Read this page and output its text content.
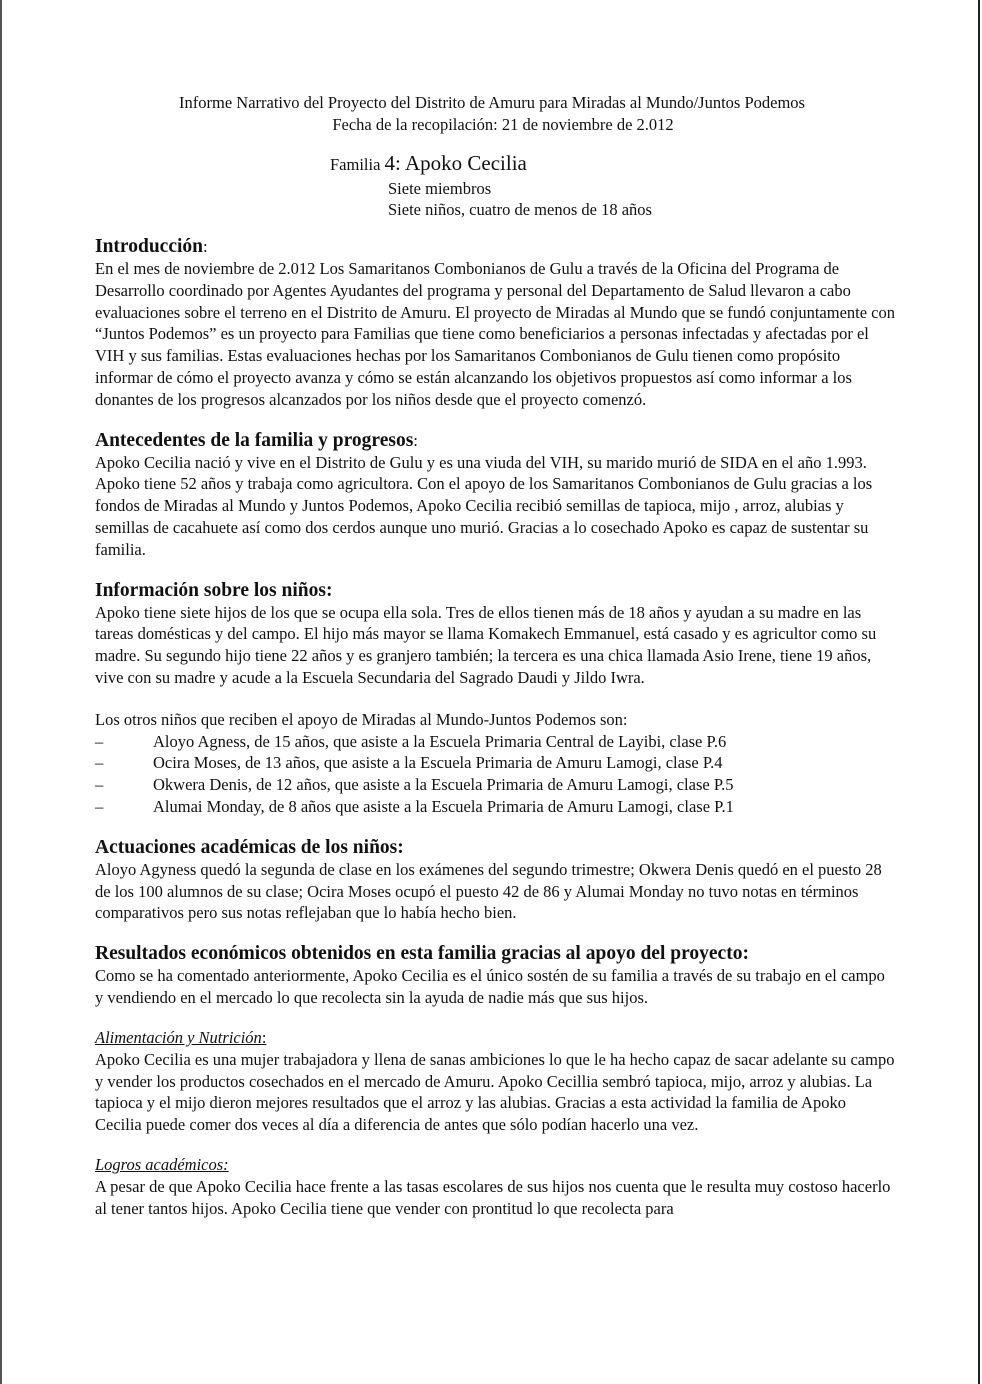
Informe Narrativo del Proyecto del Distrito de Amuru para Miradas al Mundo/Juntos Podemos
Fecha de la recopilación: 21 de noviembre de 2.012
Familia 4: Apoko Cecilia
Siete miembros
Siete niños, cuatro de menos de 18 años
Introducción:
En el mes de noviembre de 2.012 Los Samaritanos Combonianos de Gulu a través de la Oficina del Programa de Desarrollo coordinado por Agentes Ayudantes del programa y personal del Departamento de Salud llevaron a cabo evaluaciones sobre el terreno en el Distrito de Amuru. El proyecto de Miradas al Mundo que se fundó conjuntamente con “Juntos Podemos” es un proyecto para Familias que tiene como beneficiarios a personas infectadas y afectadas por el VIH y sus familias. Estas evaluaciones hechas por los Samaritanos Combonianos de Gulu tienen como propósito informar de cómo el proyecto avanza y cómo se están alcanzando los objetivos propuestos así como informar a los donantes de los progresos alcanzados por los niños desde que el proyecto comenzó.
Antecedentes de la familia y progresos:
Apoko Cecilia nació y vive en el Distrito de Gulu y es una viuda del VIH, su marido murió de SIDA en el año 1.993. Apoko tiene 52 años y trabaja como agricultora. Con el apoyo de los Samaritanos Combonianos de Gulu gracias a los fondos de Miradas al Mundo y Juntos Podemos, Apoko Cecilia recibió semillas de tapioca, mijo , arroz, alubias y semillas de cacahuete así como dos cerdos aunque uno murió. Gracias a lo cosechado Apoko es capaz de sustentar su familia.
Información sobre los niños:
Apoko tiene siete hijos de los que se ocupa ella sola. Tres de ellos tienen más de 18 años y ayudan a su madre en las tareas domésticas y del campo. El hijo más mayor se llama Komakech Emmanuel, está casado y es agricultor como su madre. Su segundo hijo tiene 22 años y es granjero también; la tercera es una chica llamada Asio Irene, tiene 19 años, vive con su madre y acude a la Escuela Secundaria del Sagrado Daudi y Jildo Iwra.
Los otros niños que reciben el apoyo de Miradas al Mundo-Juntos Podemos son:
–	Aloyo Agness, de 15 años, que asiste a la Escuela Primaria Central de Layibi, clase P.6
–	Ocira Moses, de 13 años, que asiste a la Escuela Primaria de Amuru Lamogi, clase P.4
–	Okwera Denis, de 12 años, que asiste a la Escuela Primaria de Amuru Lamogi, clase P.5
–	Alumai Monday, de 8 años que asiste a la Escuela Primaria de Amuru Lamogi, clase P.1
Actuaciones académicas de los niños:
Aloyo Agyness quedó la segunda de clase en los exámenes del segundo trimestre; Okwera Denis quedó en el puesto 28 de los 100 alumnos de su clase; Ocira Moses ocupó el puesto 42 de 86 y Alumai Monday no tuvo notas en términos comparativos pero sus notas reflejaban que lo había hecho bien.
Resultados económicos obtenidos en esta familia gracias al apoyo del proyecto:
Como se ha comentado anteriormente, Apoko Cecilia es el único sostén de su familia a través de su trabajo en el campo y vendiendo en el mercado lo que recolecta sin la ayuda de nadie más que sus hijos.
Alimentación y Nutrición:
Apoko Cecilia es una mujer trabajadora y llena de sanas ambiciones lo que le ha hecho capaz de sacar adelante su campo y vender los productos cosechados en el mercado de Amuru. Apoko Cecillia sembró tapioca, mijo, arroz y alubias. La tapioca y el mijo dieron mejores resultados que el arroz y las alubias. Gracias a esta actividad la familia de Apoko Cecilia puede comer dos veces al día a diferencia de antes que sólo podían hacerlo una vez.
Logros académicos:
A pesar de que Apoko Cecilia hace frente a las tasas escolares de sus hijos nos cuenta que le resulta muy costoso hacerlo al tener tantos hijos. Apoko Cecilia tiene que vender con prontitud lo que recolecta para
